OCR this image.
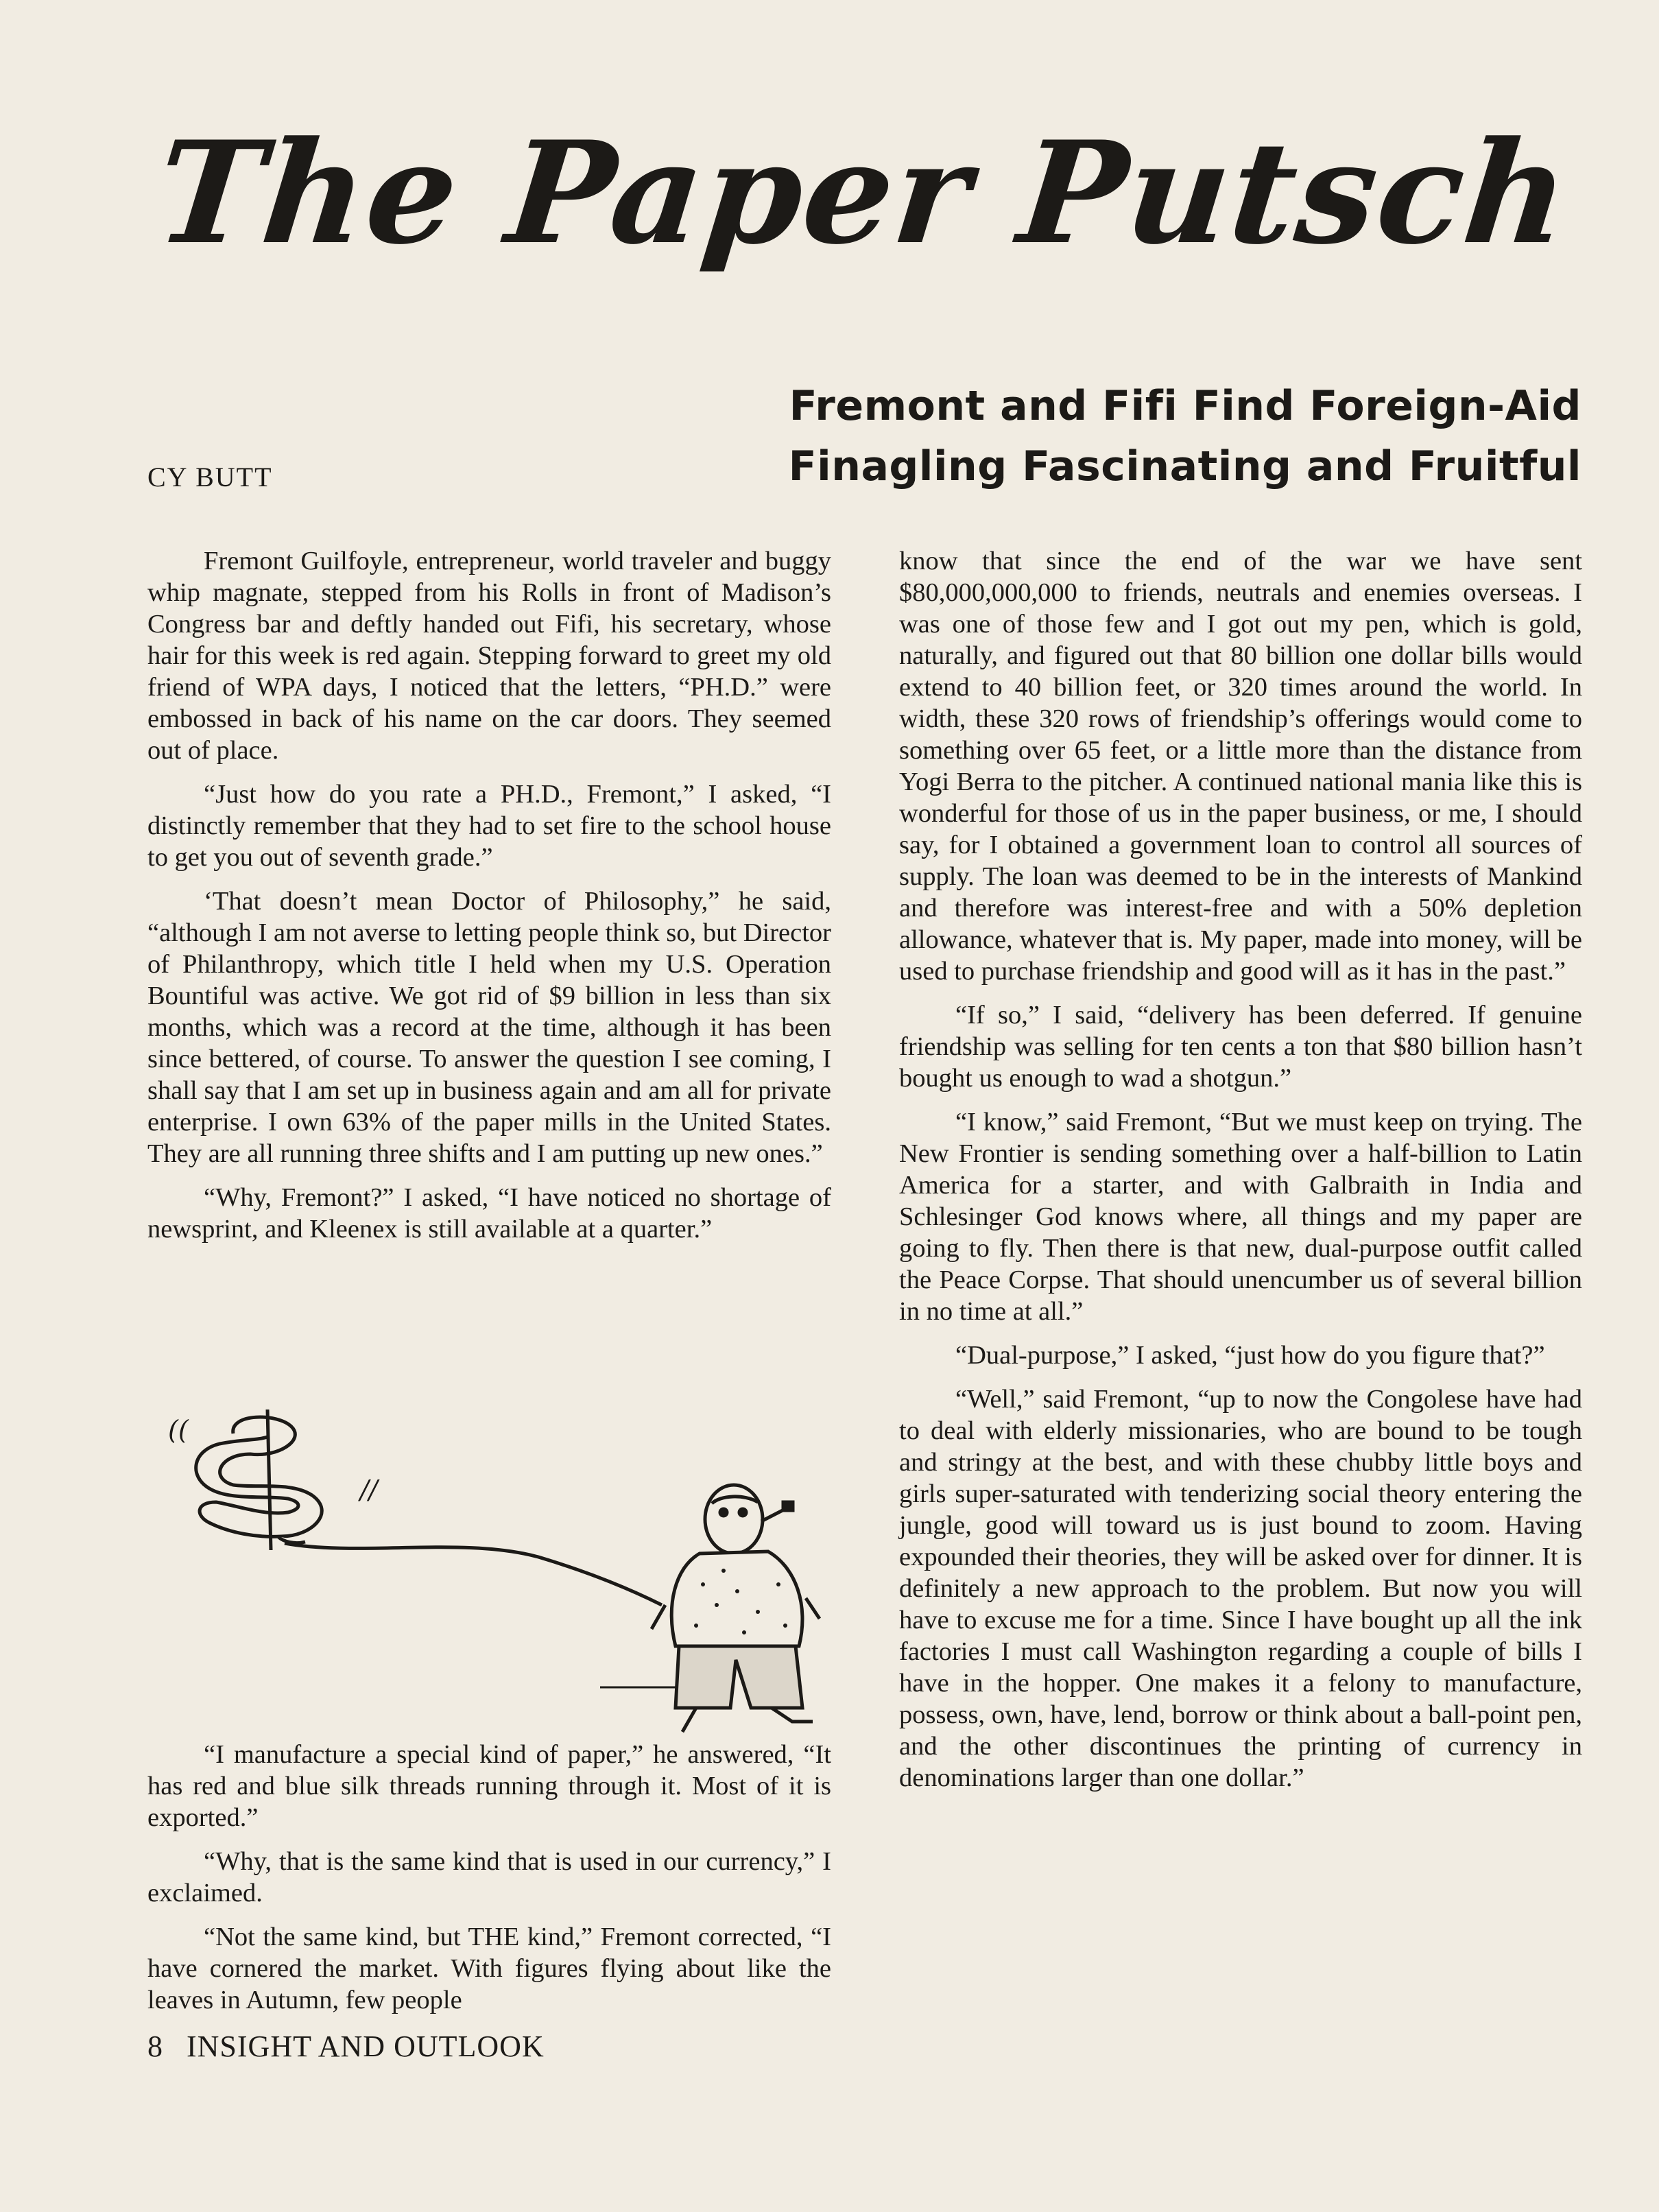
The Paper Putsch
Fremont and Fifi Find Foreign-Aid
Finagling Fascinating and Fruitful
CY BUTT

Fremont Guilfoyle, entrepreneur, world traveler and buggy whip magnate, stepped from his Rolls in front of Madison’s Congress bar and deftly handed out Fifi, his secretary, whose hair for this week is red again. Stepping forward to greet my old friend of WPA days, I noticed that the letters, “PH.D.” were embossed in back of his name on the car doors. They seemed out of place.

“Just how do you rate a PH.D., Fremont,” I asked, “I distinctly remember that they had to set fire to the school house to get you out of seventh grade.”

‘That doesn’t mean Doctor of Philosophy,” he said, “although I am not averse to letting people think so, but Director of Philanthropy, which title I held when my U.S. Operation Bountiful was active. We got rid of $9 billion in less than six months, which was a record at the time, although it has been since bettered, of course. To answer the question I see coming, I shall say that I am set up in business again and am all for private enterprise. I own 63% of the paper mills in the United States. They are all running three shifts and I am putting up new ones.”

“Why, Fremont?” I asked, “I have noticed no shortage of newsprint, and Kleenex is still available at a quarter.”

((
//

“I manufacture a special kind of paper,” he answered, “It has red and blue silk threads running through it. Most of it is exported.”

“Why, that is the same kind that is used in our currency,” I exclaimed.

“Not the same kind, but THE kind,” Fremont corrected, “I have cornered the market. With figures flying about like the leaves in Autumn, few people

know that since the end of the war we have sent $80,000,000,000 to friends, neutrals and enemies overseas. I was one of those few and I got out my pen, which is gold, naturally, and figured out that 80 billion one dollar bills would extend to 40 billion feet, or 320 times around the world. In width, these 320 rows of friendship’s offerings would come to something over 65 feet, or a little more than the distance from Yogi Berra to the pitcher. A continued national mania like this is wonderful for those of us in the paper business, or me, I should say, for I obtained a government loan to control all sources of supply. The loan was deemed to be in the interests of Mankind and therefore was interest-free and with a 50% depletion allowance, whatever that is. My paper, made into money, will be used to purchase friendship and good will as it has in the past.”

“If so,” I said, “delivery has been deferred. If genuine friendship was selling for ten cents a ton that $80 billion hasn’t bought us enough to wad a shotgun.”

“I know,” said Fremont, “But we must keep on trying. The New Frontier is sending something over a half-billion to Latin America for a starter, and with Galbraith in India and Schlesinger God knows where, all things and my paper are going to fly. Then there is that new, dual-purpose outfit called the Peace Corpse. That should unencumber us of several billion in no time at all.”

“Dual-purpose,” I asked, “just how do you figure that?”

“Well,” said Fremont, “up to now the Congolese have had to deal with elderly missionaries, who are bound to be tough and stringy at the best, and with these chubby little boys and girls super-saturated with tenderizing social theory entering the jungle, good will toward us is just bound to zoom. Having expounded their theories, they will be asked over for dinner. It is definitely a new approach to the problem. But now you will have to excuse me for a time. Since I have bought up all the ink factories I must call Washington regarding a couple of bills I have in the hopper. One makes it a felony to manufacture, possess, own, have, lend, borrow or think about a ball-point pen, and the other discontinues the printing of currency in denominations larger than one dollar.”

8 INSIGHT AND OUTLOOK
